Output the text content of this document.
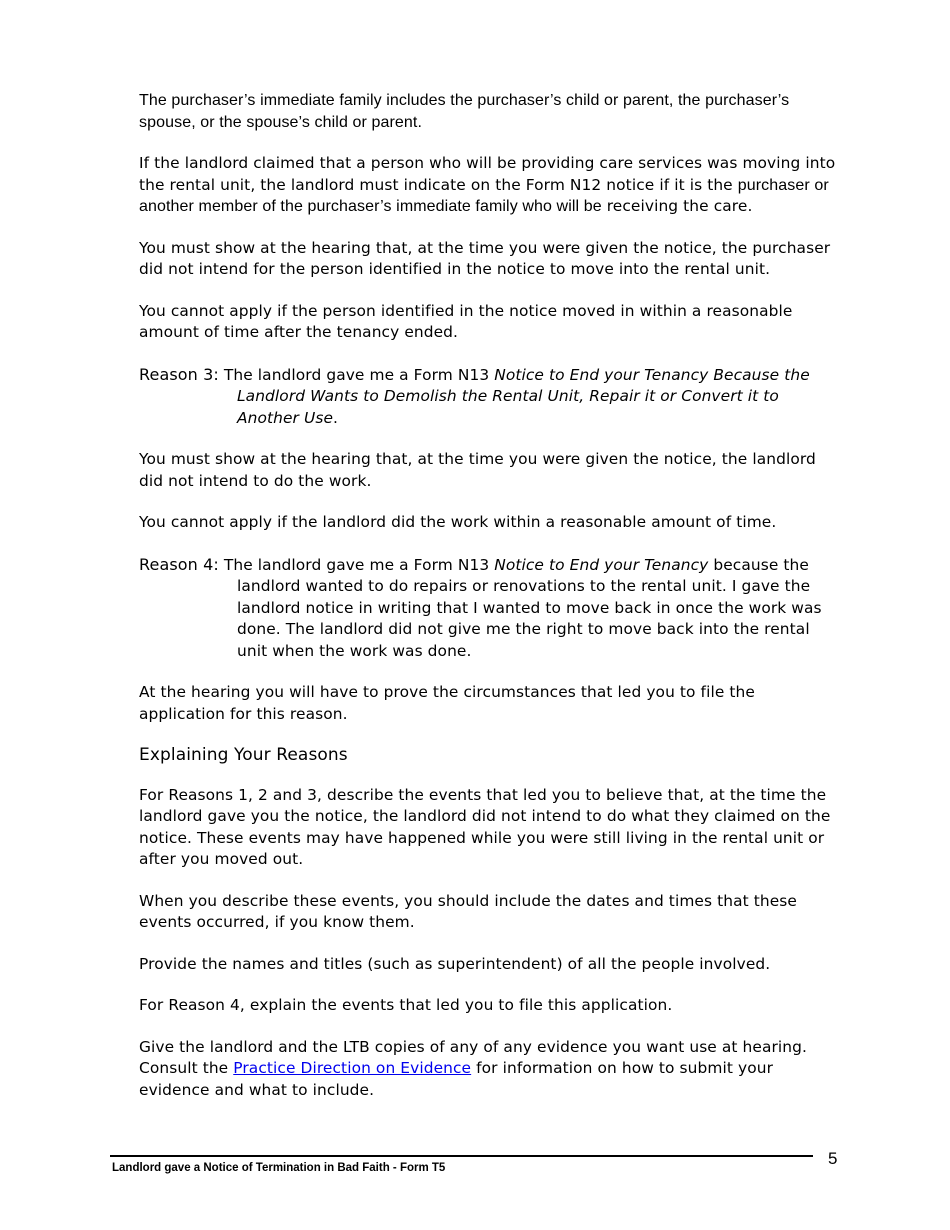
The purchaser’s immediate family includes the purchaser’s child or parent, the purchaser’s spouse, or the spouse’s child or parent.

If the landlord claimed that a person who will be providing care services was moving into the rental unit, the landlord must indicate on the Form N12 notice if it is the purchaser or another member of the purchaser’s immediate family who will be receiving the care.

You must show at the hearing that, at the time you were given the notice, the purchaser did not intend for the person identified in the notice to move into the rental unit.

You cannot apply if the person identified in the notice moved in within a reasonable amount of time after the tenancy ended.

Reason 3: The landlord gave me a Form N13 Notice to End your Tenancy Because the Landlord Wants to Demolish the Rental Unit, Repair it or Convert it to Another Use.

You must show at the hearing that, at the time you were given the notice, the landlord did not intend to do the work.

You cannot apply if the landlord did the work within a reasonable amount of time.

Reason 4: The landlord gave me a Form N13 Notice to End your Tenancy because the landlord wanted to do repairs or renovations to the rental unit. I gave the landlord notice in writing that I wanted to move back in once the work was done. The landlord did not give me the right to move back into the rental unit when the work was done.

At the hearing you will have to prove the circumstances that led you to file the application for this reason.

Explaining Your Reasons

For Reasons 1, 2 and 3, describe the events that led you to believe that, at the time the landlord gave you the notice, the landlord did not intend to do what they claimed on the notice. These events may have happened while you were still living in the rental unit or after you moved out.

When you describe these events, you should include the dates and times that these events occurred, if you know them.

Provide the names and titles (such as superintendent) of all the people involved.

For Reason 4, explain the events that led you to file this application.

Give the landlord and the LTB copies of any of any evidence you want use at hearing. Consult the Practice Direction on Evidence for information on how to submit your evidence and what to include.

Landlord gave a Notice of Termination in Bad Faith - Form T5	5
